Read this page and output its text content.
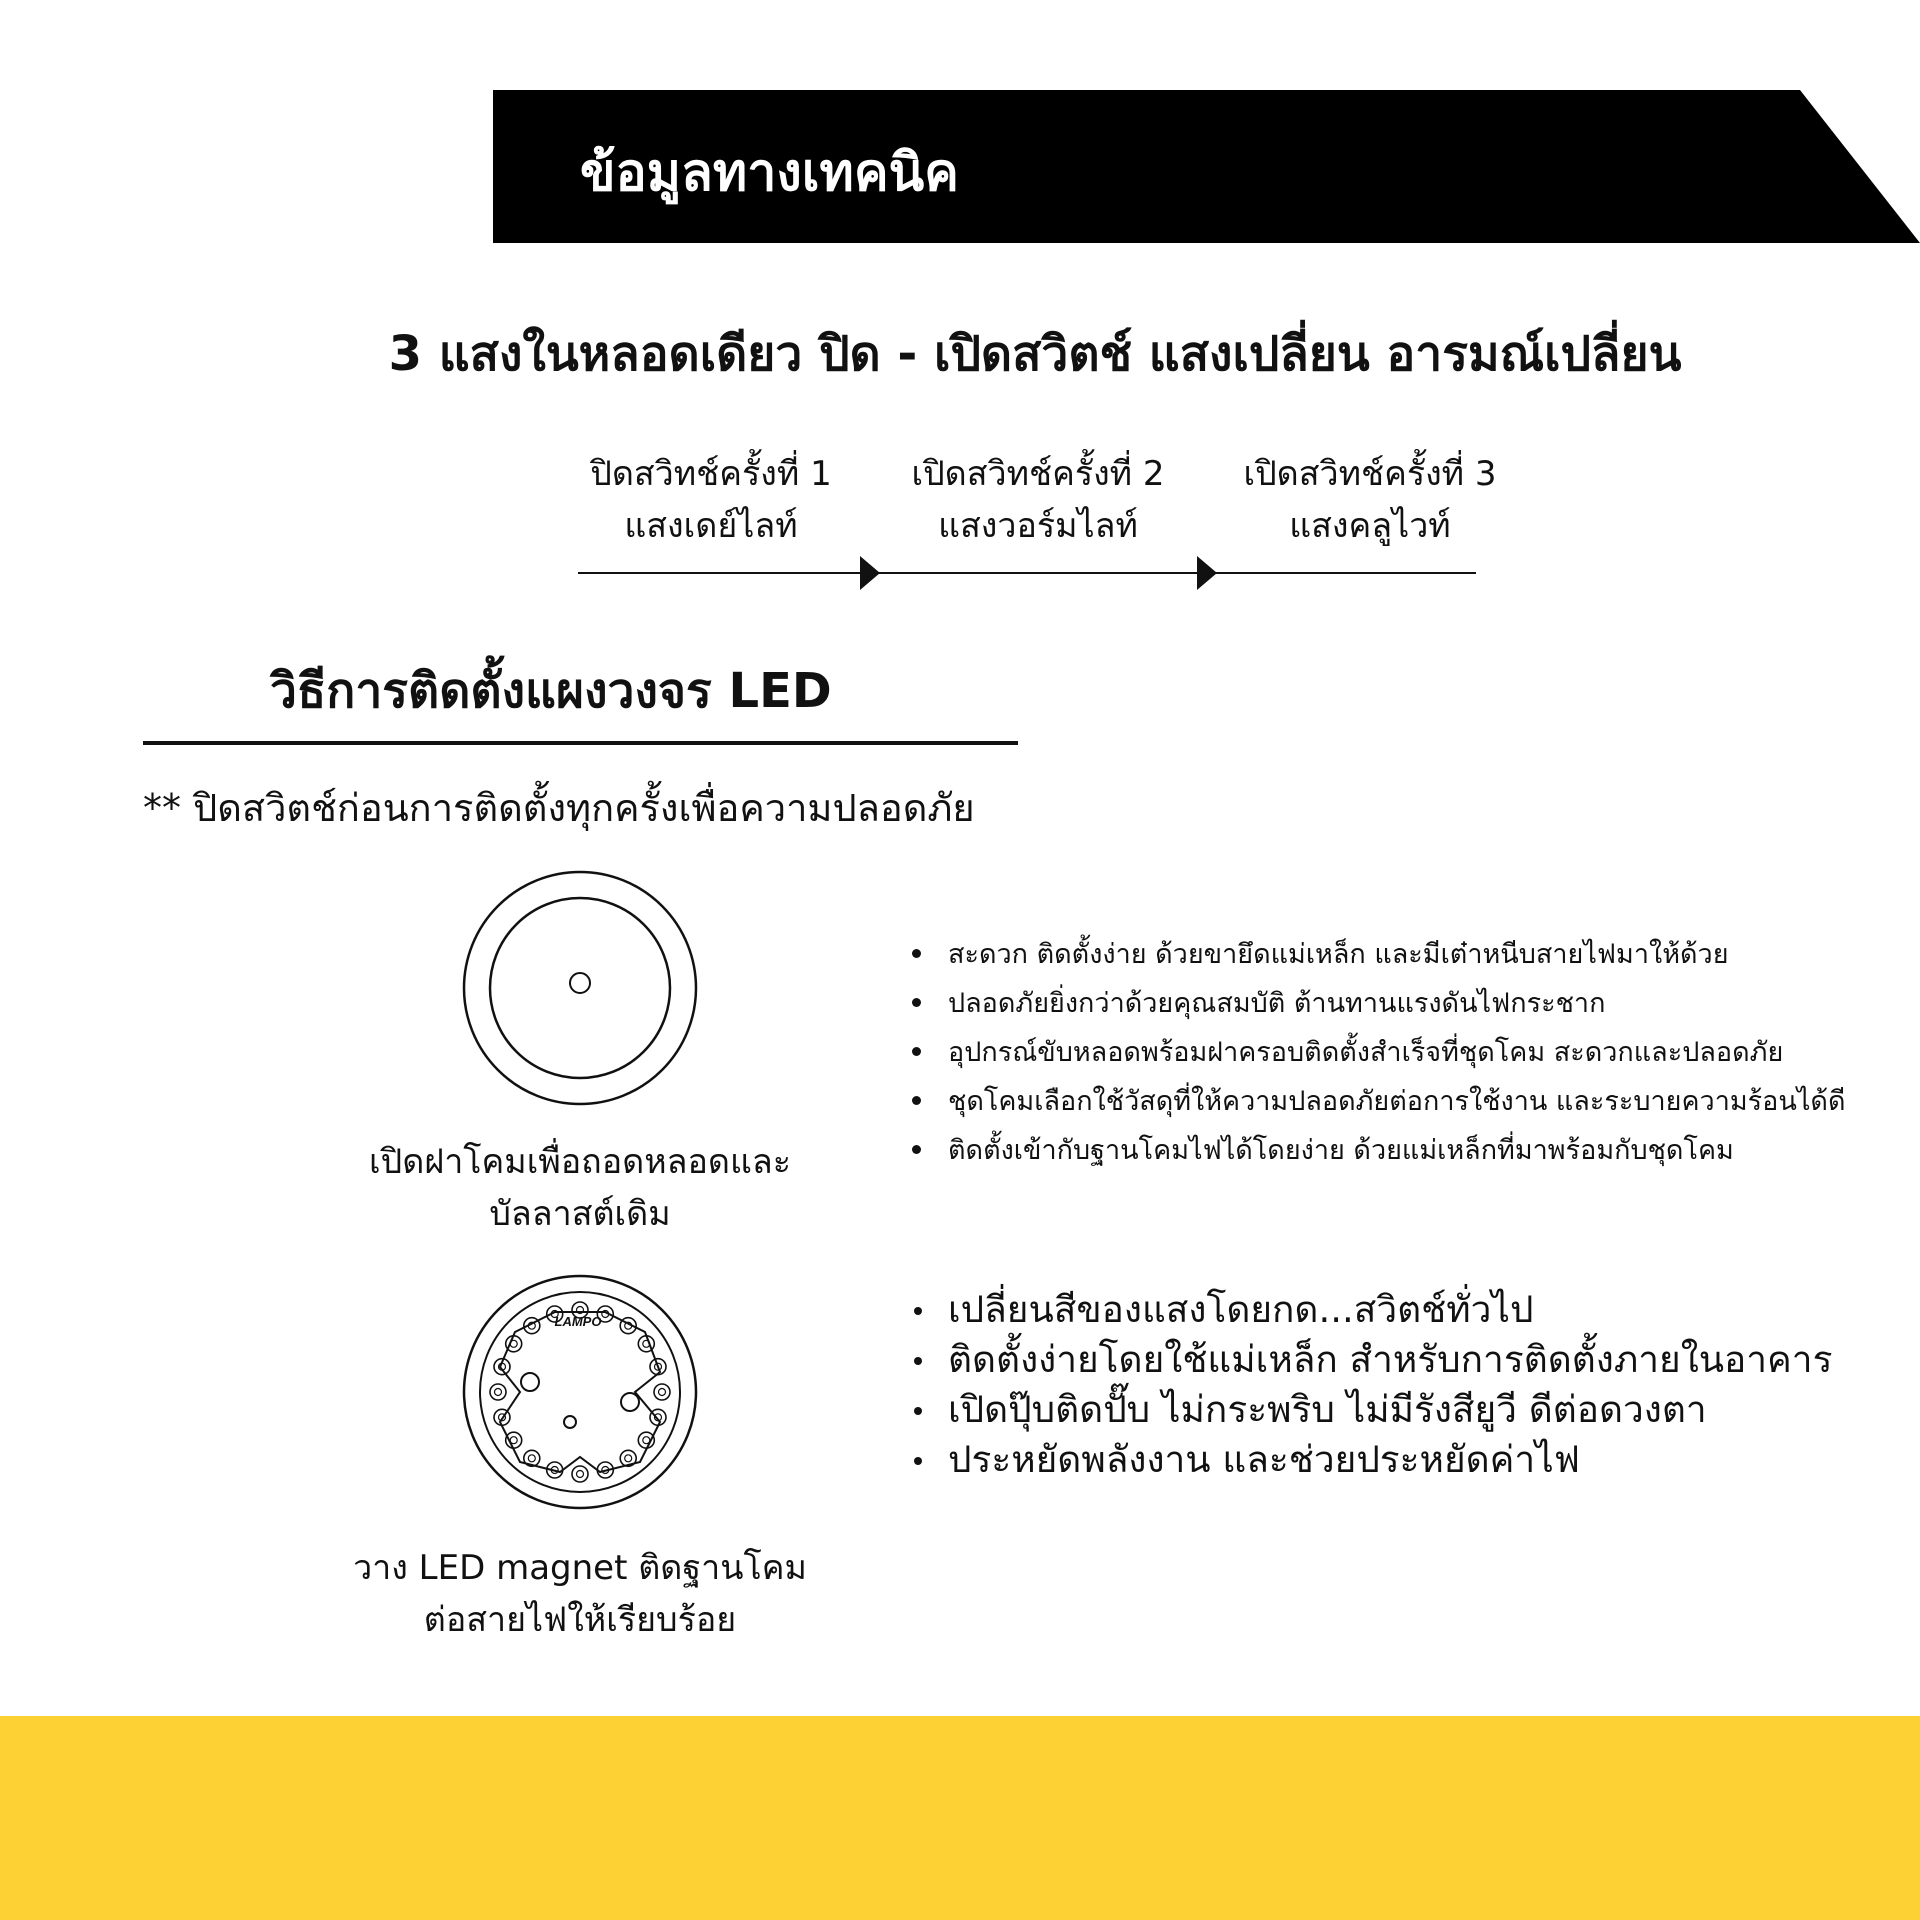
ข้อมูลทางเทคนิค
3 แสงในหลอดเดียว ปิด - เปิดสวิตช์ แสงเปลี่ยน อารมณ์เปลี่ยน
ปิดสวิทช์ครั้งที่ 1
แสงเดย์ไลท์
เปิดสวิทช์ครั้งที่ 2
แสงวอร์มไลท์
เปิดสวิทช์ครั้งที่ 3
แสงคลูไวท์
วิธีการติดตั้งแผงวงจร LED
** ปิดสวิตช์ก่อนการติดตั้งทุกครั้งเพื่อความปลอดภัย
เปิดฝาโคมเพื่อถอดหลอดและ
บัลลาสต์เดิม
LAMPO
วาง LED magnet ติดฐานโคม
ต่อสายไฟให้เรียบร้อย
สะดวก ติดตั้งง่าย ด้วยขายึดแม่เหล็ก และมีเต๋าหนีบสายไฟมาให้ด้วย
ปลอดภัยยิ่งกว่าด้วยคุณสมบัติ ต้านทานแรงดันไฟกระชาก
อุปกรณ์ขับหลอดพร้อมฝาครอบติดตั้งสำเร็จที่ชุดโคม สะดวกและปลอดภัย
ชุดโคมเลือกใช้วัสดุที่ให้ความปลอดภัยต่อการใช้งาน และระบายความร้อนได้ดี
ติดตั้งเข้ากับฐานโคมไฟได้โดยง่าย ด้วยแม่เหล็กที่มาพร้อมกับชุดโคม
เปลี่ยนสีของแสงโดยกด...สวิตช์ทั่วไป
ติดตั้งง่ายโดยใช้แม่เหล็ก สำหรับการติดตั้งภายในอาคาร
เปิดปุ๊บติดปั๊บ ไม่กระพริบ ไม่มีรังสียูวี ดีต่อดวงตา
ประหยัดพลังงาน และช่วยประหยัดค่าไฟ
